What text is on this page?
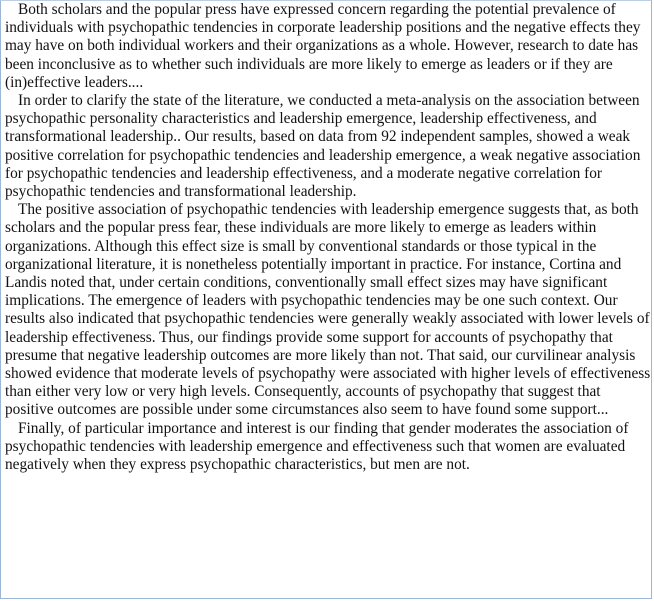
Both scholars and the popular press have expressed concern regarding the potential prevalence of individuals with psychopathic tendencies in corporate leadership positions and the negative effects they may have on both individual workers and their organizations as a whole. However, research to date has been inconclusive as to whether such individuals are more likely to emerge as leaders or if they are (in)effective leaders....

In order to clarify the state of the literature, we conducted a meta-analysis on the association between psychopathic personality characteristics and leadership emergence, leadership effectiveness, and transformational leadership.. Our results, based on data from 92 independent samples, showed a weak positive correlation for psychopathic tendencies and leadership emergence, a weak negative association for psychopathic tendencies and leadership effectiveness, and a moderate negative correlation for psychopathic tendencies and transformational leadership.

The positive association of psychopathic tendencies with leadership emergence suggests that, as both scholars and the popular press fear, these individuals are more likely to emerge as leaders within organizations. Although this effect size is small by conventional standards or those typical in the organizational literature, it is nonetheless potentially important in practice. For instance, Cortina and Landis noted that, under certain conditions, conventionally small effect sizes may have significant implications. The emergence of leaders with psychopathic tendencies may be one such context. Our results also indicated that psychopathic tendencies were generally weakly associated with lower levels of leadership effectiveness. Thus, our findings provide some support for accounts of psychopathy that presume that negative leadership outcomes are more likely than not. That said, our curvilinear analysis showed evidence that moderate levels of psychopathy were associated with higher levels of effectiveness than either very low or very high levels. Consequently, accounts of psychopathy that suggest that positive outcomes are possible under some circumstances also seem to have found some support...

Finally, of particular importance and interest is our finding that gender moderates the association of psychopathic tendencies with leadership emergence and effectiveness such that women are evaluated negatively when they express psychopathic characteristics, but men are not.
